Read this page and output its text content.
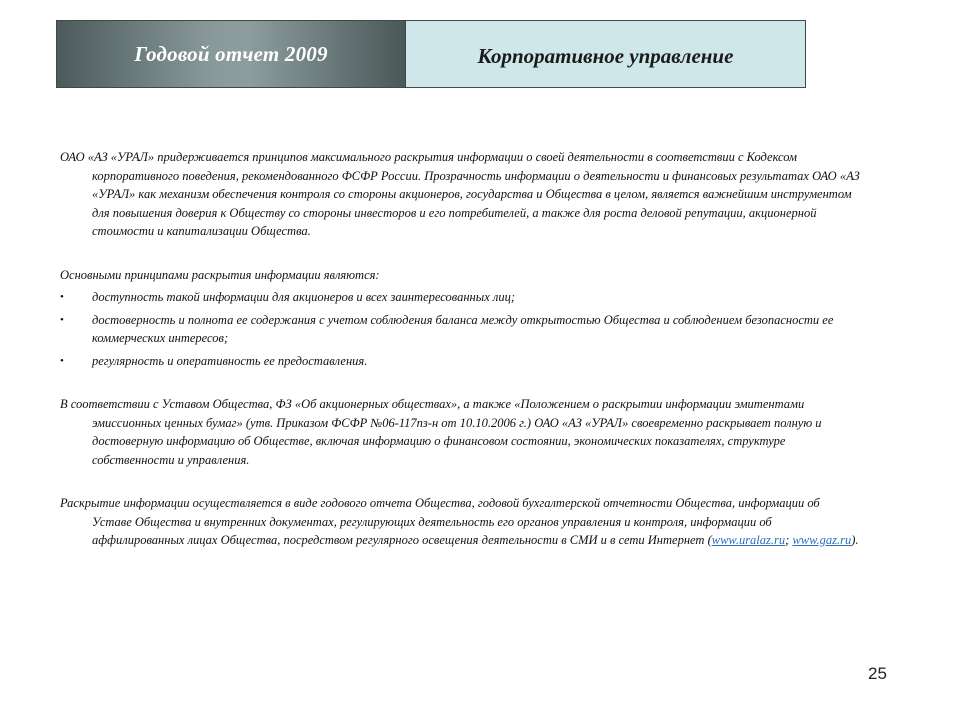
Годовой отчет 2009	Корпоративное управление

ОАО «АЗ «УРАЛ» придерживается принципов максимального раскрытия информации о своей деятельности в соответствии с Кодексом корпоративного поведения, рекомендованного ФСФР России. Прозрачность информации о деятельности и финансовых результатах ОАО «АЗ «УРАЛ» как механизм обеспечения контроля со стороны акционеров, государства и Общества в целом, является важнейшим инструментом для повышения доверия к Обществу со стороны инвесторов и его потребителей, а также для роста деловой репутации, акционерной стоимости и капитализации Общества.

Основными принципами раскрытия информации являются:

• доступность такой информации для акционеров и всех заинтересованных лиц;

• достоверность и полнота ее содержания с учетом соблюдения баланса между открытостью Общества и соблюдением безопасности ее коммерческих интересов;

• регулярность и оперативность ее предоставления.

В соответствии с Уставом Общества, ФЗ «Об акционерных обществах», а также «Положением о раскрытии информации эмитентами эмиссионных ценных бумаг» (утв. Приказом ФСФР №06-117пз-н от 10.10.2006 г.) ОАО «АЗ «УРАЛ» своевременно раскрывает полную и достоверную информацию об Обществе, включая информацию о финансовом состоянии, экономических показателях, структуре собственности и управления.

Раскрытие информации осуществляется в виде годового отчета Общества, годовой бухгалтерской отчетности Общества, информации об Уставе Общества и внутренних документах, регулирующих деятельность его органов управления и контроля, информации об аффилированных лицах Общества, посредством регулярного освещения деятельности в СМИ и в сети Интернет (www.uralaz.ru; www.gaz.ru).

25
